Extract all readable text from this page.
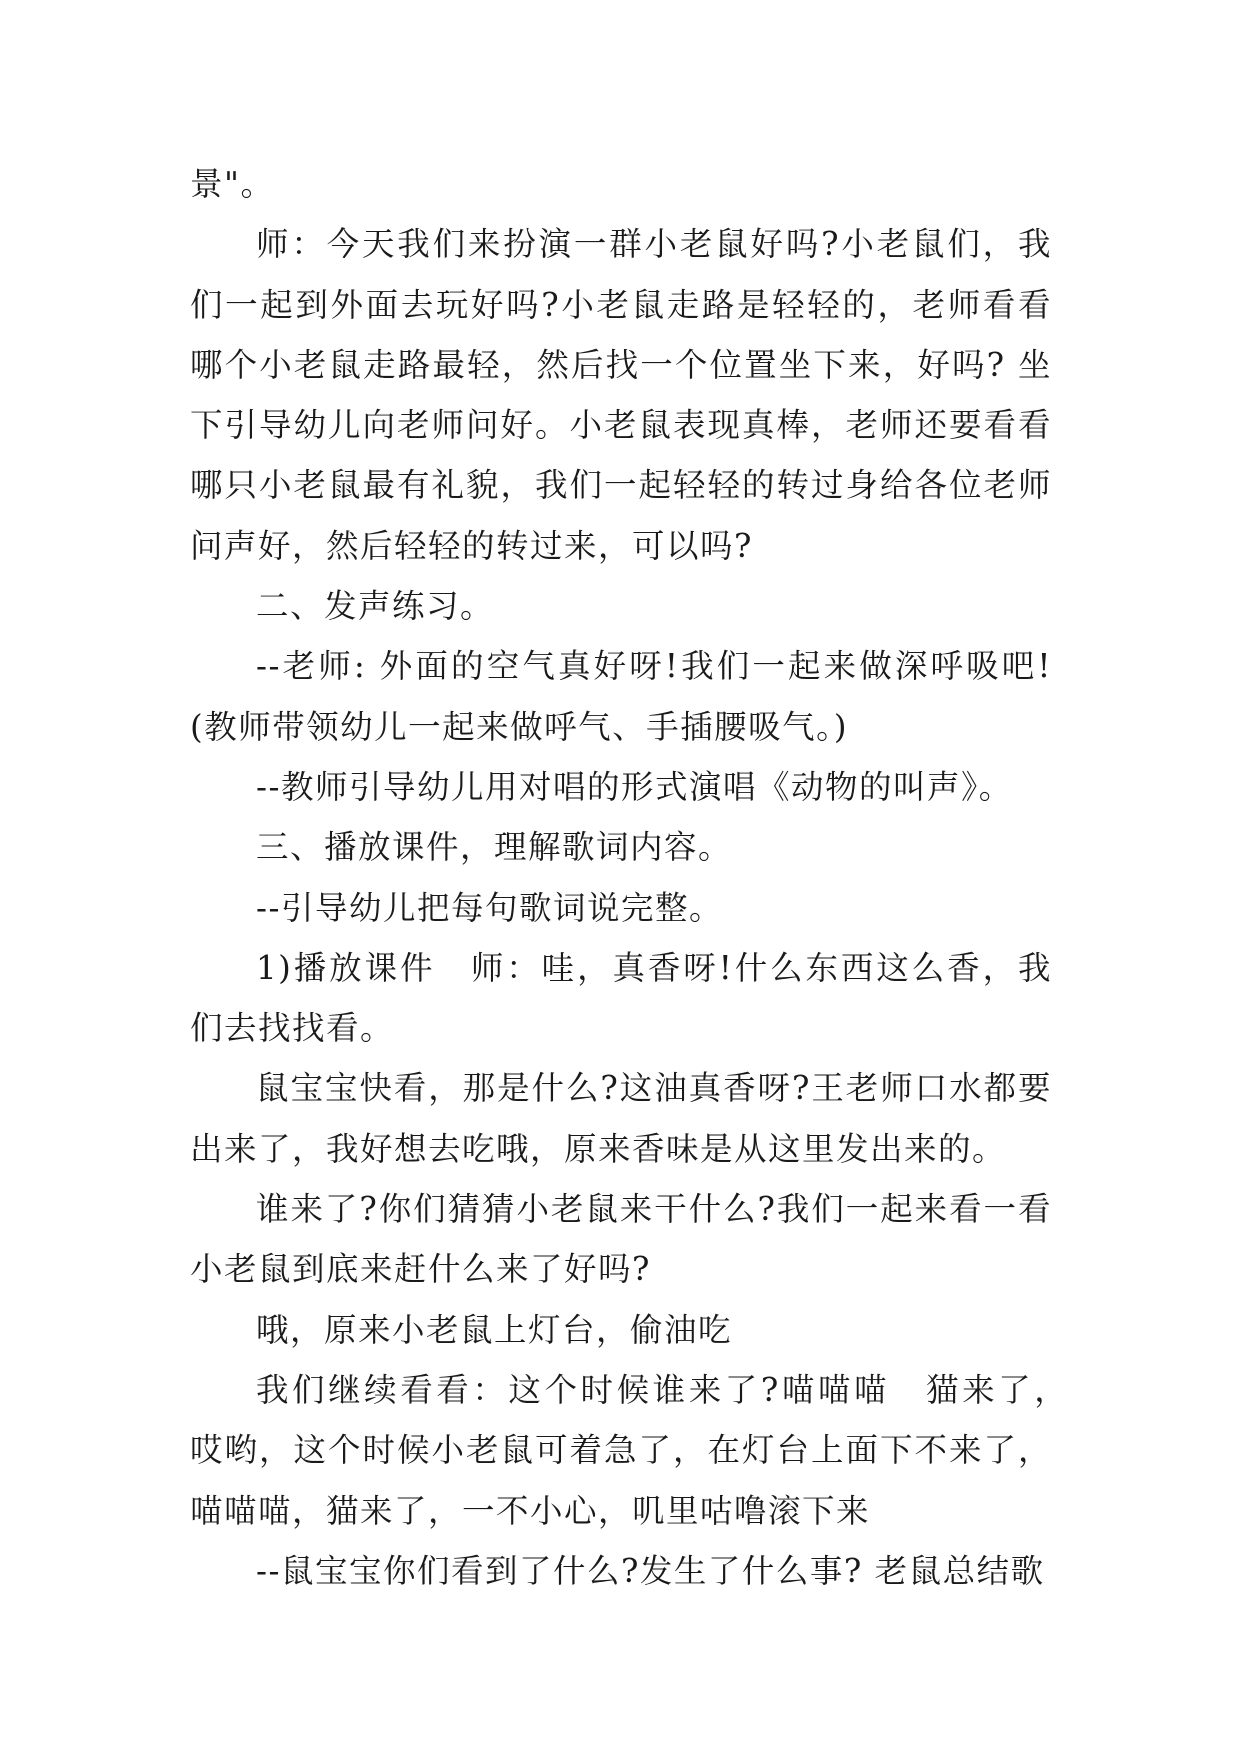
景"。

师：今天我们来扮演一群小老鼠好吗?小老鼠们，我们一起到外面去玩好吗?小老鼠走路是轻轻的，老师看看哪个小老鼠走路最轻，然后找一个位置坐下来，好吗? 坐下引导幼儿向老师问好。小老鼠表现真棒，老师还要看看哪只小老鼠最有礼貌，我们一起轻轻的转过身给各位老师问声好，然后轻轻的转过来，可以吗?

二、发声练习。

--老师: 外面的空气真好呀!我们一起来做深呼吸吧!(教师带领幼儿一起来做呼气、手插腰吸气。)

--教师引导幼儿用对唱的形式演唱《动物的叫声》。

三、播放课件，理解歌词内容。

--引导幼儿把每句歌词说完整。

1)播放课件　师：哇，真香呀!什么东西这么香，我们去找找看。

鼠宝宝快看，那是什么?这油真香呀?王老师口水都要出来了，我好想去吃哦，原来香味是从这里发出来的。

谁来了?你们猜猜小老鼠来干什么?我们一起来看一看小老鼠到底来赶什么来了好吗?

哦，原来小老鼠上灯台，偷油吃

我们继续看看：这个时候谁来了?喵喵喵　猫来了，　哎哟，这个时候小老鼠可着急了，在灯台上面下不来了，喵喵喵，猫来了，一不小心，叽里咕噜滚下来

--鼠宝宝你们看到了什么?发生了什么事? 老鼠总结歌
